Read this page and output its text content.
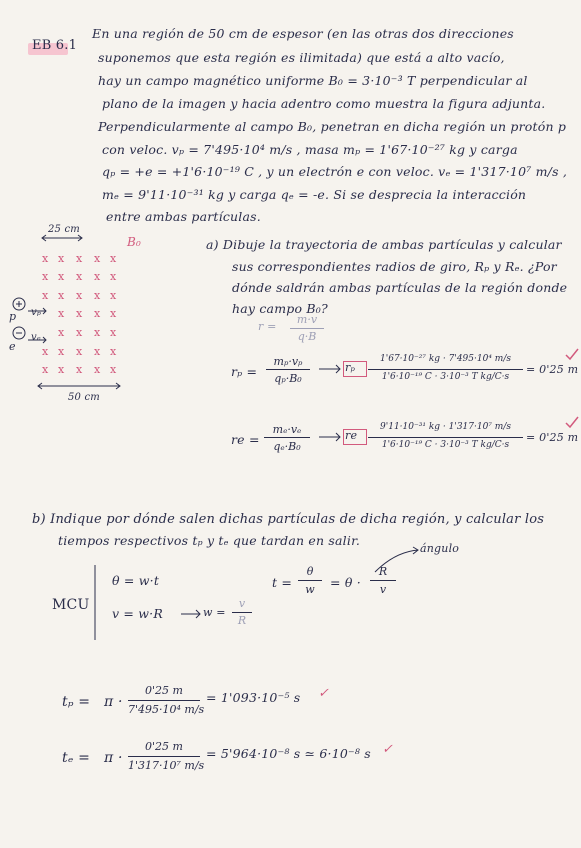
EB 6.1
En una región de 50 cm de espesor (en las otras dos direcciones
suponemos que esta región es ilimitada) que está a alto vacío,
hay un campo magnético uniforme B₀ = 3·10⁻³ T perpendicular al
plano de la imagen y hacia adentro como muestra la figura adjunta.
Perpendicularmente al campo B₀, penetran en dicha región un protón p
con veloc. vₚ = 7'495·10⁴ m/s , masa mₚ = 1'67·10⁻²⁷ kg y carga
qₚ = +e = +1'6·10⁻¹⁹ C , y un electrón e con veloc. vₑ = 1'317·10⁷ m/s ,
mₑ = 9'11·10⁻³¹ kg y carga qₑ = -e. Si se desprecia la interacción
entre ambas partículas.
25 cm
B₀
p vₚ
e
vₑ
50 cm
x x x x x
x x x x x
x x x x x
x x x x
x x x x
x x x x x
x x x x x
a) Dibuje la trayectoria de ambas partículas y calcular
sus correspondientes radios de giro, Rₚ y Rₑ. ¿Por
dónde saldrán ambas partículas de la región donde
hay campo B₀?
r =
m·v
q·B
rₚ =
mₚ·vₚ
qₚ·B₀
rₚ
1'67·10⁻²⁷ kg · 7'495·10⁴ m/s
1'6·10⁻¹⁹ C · 3·10⁻³ T kg/C·s
= 0'25 m
re =
mₑ·vₑ
qₑ·B₀
re
9'11·10⁻³¹ kg · 1'317·10⁷ m/s
1'6·10⁻¹⁹ C · 3·10⁻³ T kg/C·s
= 0'25 m
b) Indique por dónde salen dichas partículas de dicha región, y calcular los
tiempos respectivos tₚ y tₑ que tardan en salir.
MCU
θ = w·t
v = w·R	w =
v
R
t =
θ
w	= θ ·
R
v
ángulo
tₚ = π ·
0'25 m
7'495·10⁴ m/s
= 1'093·10⁻⁵ s ✓
tₑ = π ·
0'25 m
1'317·10⁷ m/s
= 5'964·10⁻⁸ s ≃ 6·10⁻⁸ s ✓
